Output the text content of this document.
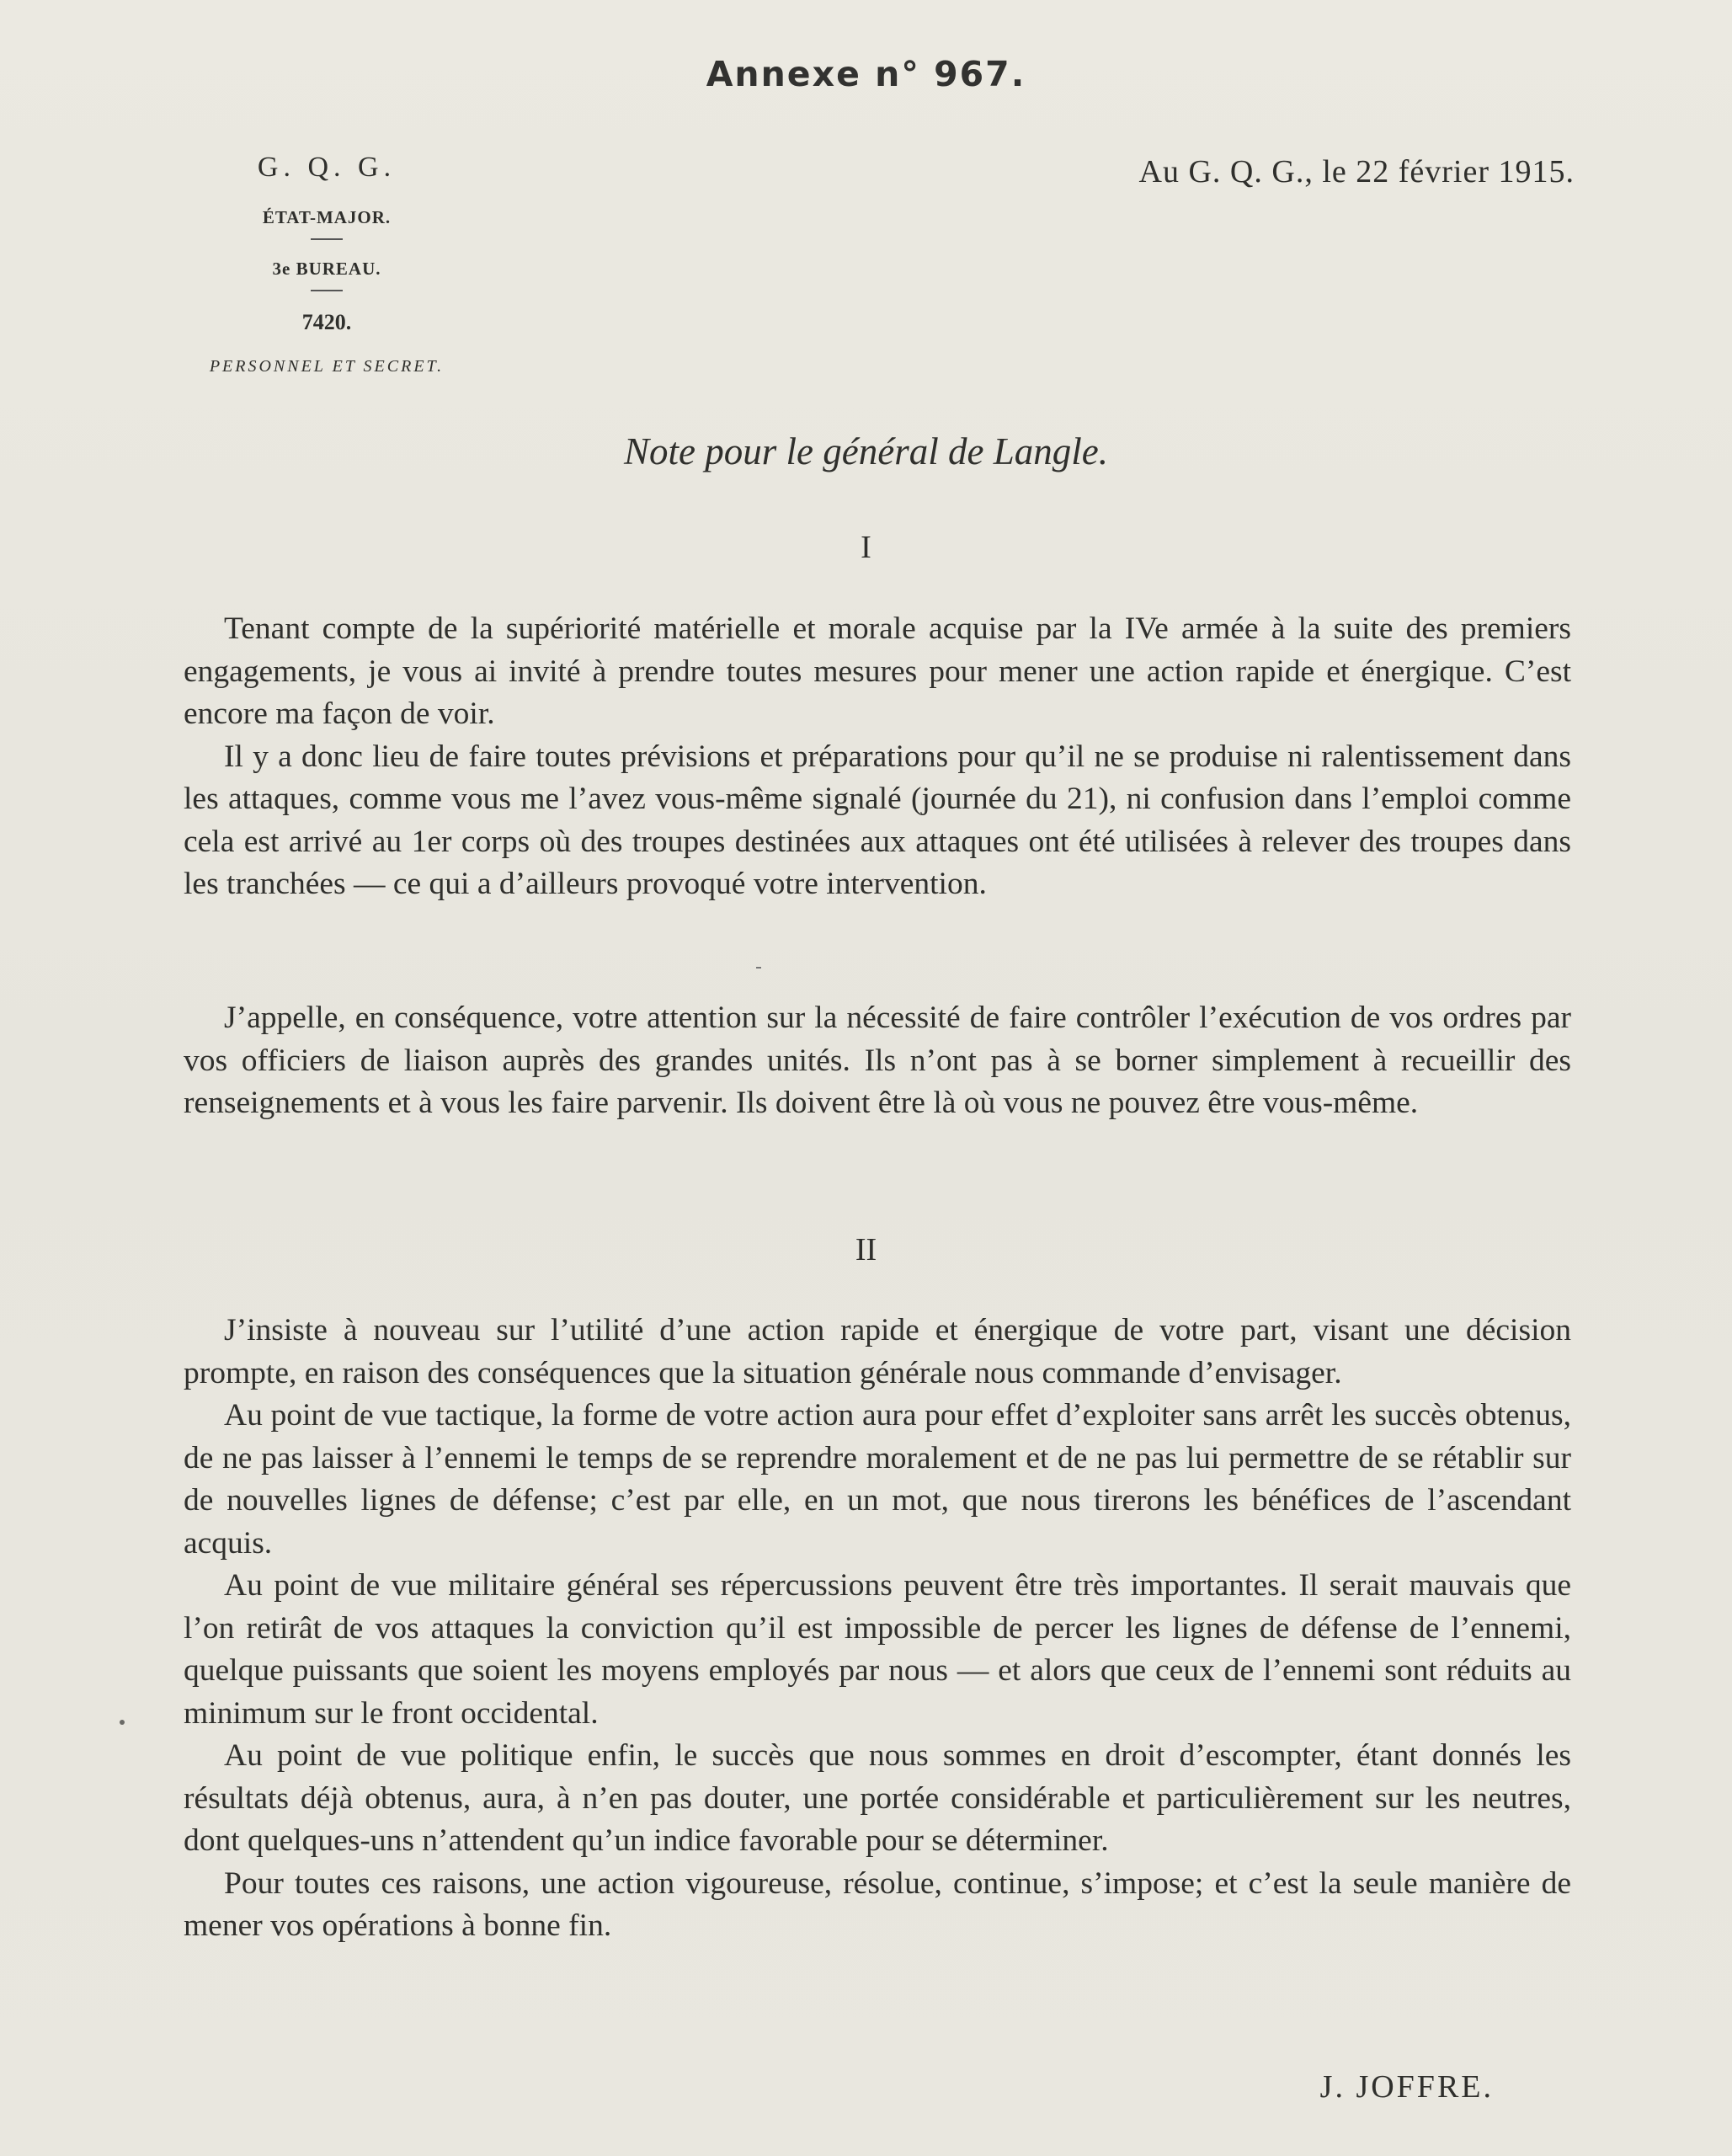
Annexe n° 967.

G. Q. G.

ÉTAT-MAJOR.

3e BUREAU.

7420.

PERSONNEL ET SECRET.

Au G. Q. G., le 22 février 1915.
Note pour le général de Langle.
I

Tenant compte de la supériorité matérielle et morale acquise par la IVe armée à la suite des premiers engagements, je vous ai invité à prendre toutes mesures pour mener une action rapide et énergique. C’est encore ma façon de voir.

Il y a donc lieu de faire toutes prévisions et préparations pour qu’il ne se produise ni ralentissement dans les attaques, comme vous me l’avez vous-même signalé (journée du 21), ni confusion dans l’emploi comme cela est arrivé au 1er corps où des troupes destinées aux attaques ont été utilisées à relever des troupes dans les tranchées — ce qui a d’ailleurs provoqué votre intervention.

J’appelle, en conséquence, votre attention sur la nécessité de faire contrôler l’exécution de vos ordres par vos officiers de liaison auprès des grandes unités. Ils n’ont pas à se borner simplement à recueillir des renseignements et à vous les faire parvenir. Ils doivent être là où vous ne pouvez être vous-même.

II

J’insiste à nouveau sur l’utilité d’une action rapide et énergique de votre part, visant une décision prompte, en raison des conséquences que la situation générale nous commande d’envisager.

Au point de vue tactique, la forme de votre action aura pour effet d’exploiter sans arrêt les succès obtenus, de ne pas laisser à l’ennemi le temps de se reprendre moralement et de ne pas lui permettre de se rétablir sur de nouvelles lignes de défense; c’est par elle, en un mot, que nous tirerons les bénéfices de l’ascendant acquis.

Au point de vue militaire général ses répercussions peuvent être très importantes. Il serait mauvais que l’on retirât de vos attaques la conviction qu’il est impossible de percer les lignes de défense de l’ennemi, quelque puissants que soient les moyens employés par nous — et alors que ceux de l’ennemi sont réduits au minimum sur le front occidental.

Au point de vue politique enfin, le succès que nous sommes en droit d’escompter, étant donnés les résultats déjà obtenus, aura, à n’en pas douter, une portée considérable et particulièrement sur les neutres, dont quelques-uns n’attendent qu’un indice favorable pour se déterminer.

Pour toutes ces raisons, une action vigoureuse, résolue, continue, s’impose; et c’est la seule manière de mener vos opérations à bonne fin.

J. JOFFRE.
